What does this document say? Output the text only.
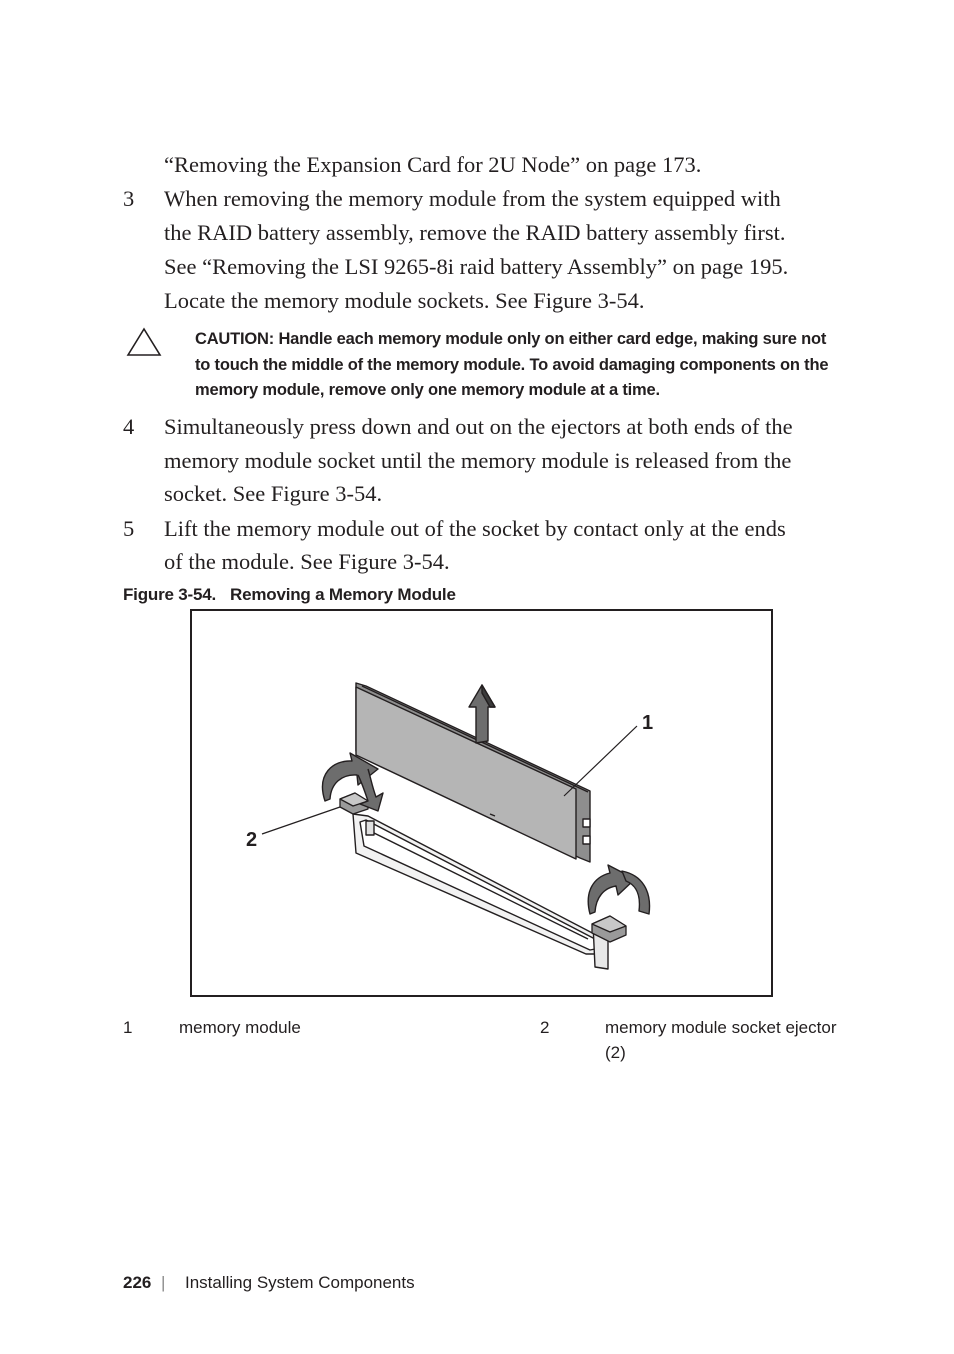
“Removing the Expansion Card for 2U Node” on page 173.
3 When removing the memory module from the system equipped with
the RAID battery assembly, remove the RAID battery assembly first.
See “Removing the LSI 9265-8i raid battery Assembly” on page 195.
Locate the memory module sockets. See Figure 3-54.
CAUTION: Handle each memory module only on either card edge, making sure not
to touch the middle of the memory module. To avoid damaging components on the
memory module, remove only one memory module at a time.
4 Simultaneously press down and out on the ejectors at both ends of the
memory module socket until the memory module is released from the
socket. See Figure 3-54.
5 Lift the memory module out of the socket by contact only at the ends
of the module. See Figure 3-54.
Figure 3-54. Removing a Memory Module
1
2
1	memory module	2	memory module socket ejector
(2)
226 | Installing System Components
